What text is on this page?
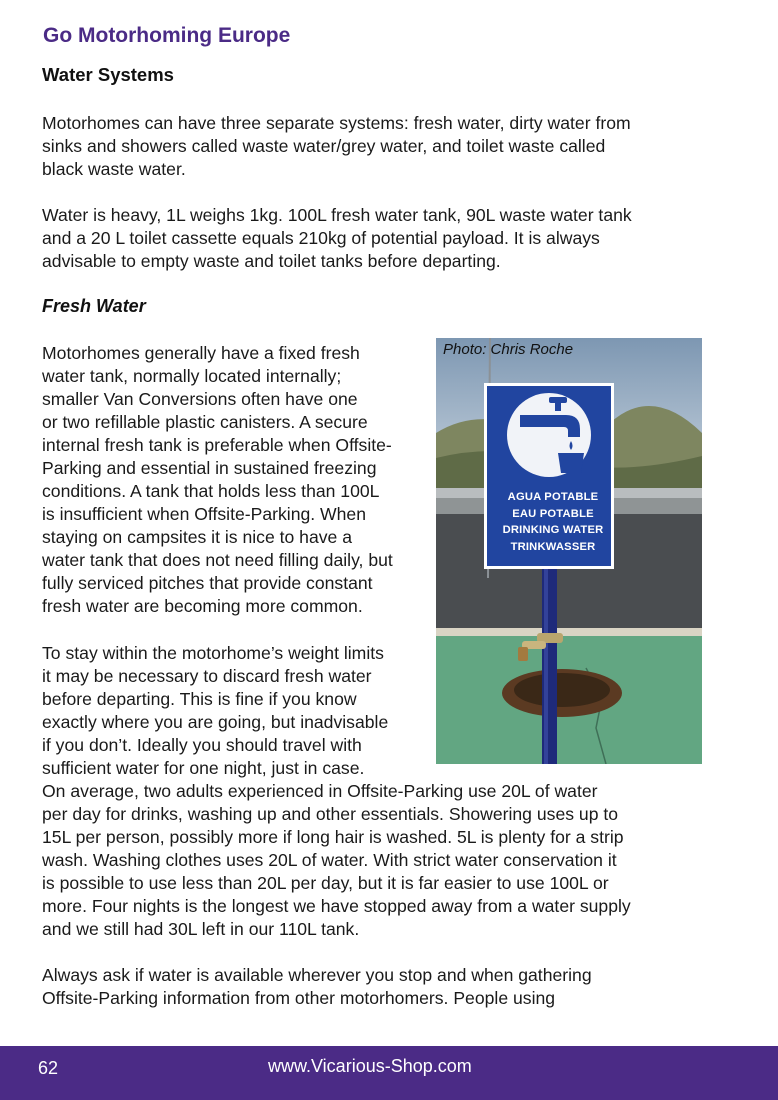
Go Motorhoming Europe
Water Systems
Motorhomes can have three separate systems: fresh water, dirty water from
sinks and showers called waste water/grey water, and toilet waste called
black waste water.
Water is heavy, 1L weighs 1kg. 100L fresh water tank, 90L waste water tank
and a 20 L toilet cassette equals 210kg of potential payload. It is always
advisable to empty waste and toilet tanks before departing.
Fresh Water
Motorhomes generally have a fixed fresh
water tank, normally located internally;
smaller Van Conversions often have one
or two refillable plastic canisters. A secure
internal fresh tank is preferable when Offsite-
Parking and essential in sustained freezing
conditions. A tank that holds less than 100L
is insufficient when Offsite-Parking. When
staying on campsites it is nice to have a
water tank that does not need filling daily, but
fully serviced pitches that provide constant
fresh water are becoming more common.
To stay within the motorhome’s weight limits
it may be necessary to discard fresh water
before departing. This is fine if you know
exactly where you are going, but inadvisable
if you don’t. Ideally you should travel with
sufficient water for one night, just in case.
On average, two adults experienced in Offsite-Parking use 20L of water
per day for drinks, washing up and other essentials. Showering uses up to
15L per person, possibly more if long hair is washed. 5L is plenty for a strip
wash. Washing clothes uses 20L of water. With strict water conservation it
is possible to use less than 20L per day, but it is far easier to use 100L or
more. Four nights is the longest we have stopped away from a water supply
and we still had 30L left in our 110L tank.
Always ask if water is available wherever you stop and when gathering
Offsite-Parking information from other motorhomers. People using
Photo: Chris Roche
AGUA POTABLE
EAU POTABLE
DRINKING WATER
TRINKWASSER
62	www.Vicarious-Shop.com
